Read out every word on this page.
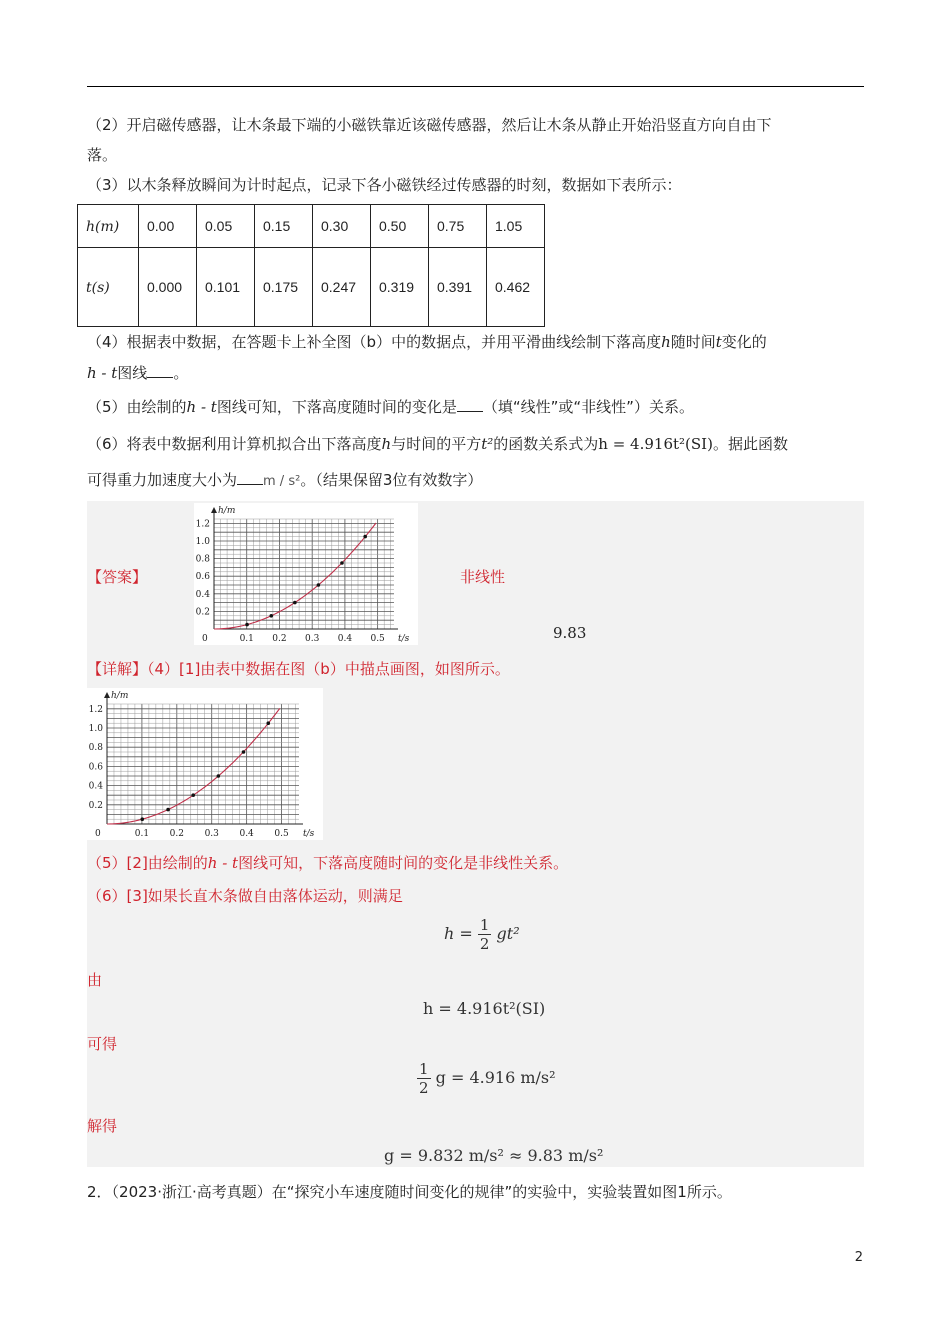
（2）开启磁传感器，让木条最下端的小磁铁靠近该磁传感器，然后让木条从静止开始沿竖直方向自由下
落。
（3）以木条释放瞬间为计时起点，记录下各小磁铁经过传感器的时刻，数据如下表所示：
h(m)	0.00	0.05	0.15	0.30	0.50	0.75	1.05
t(s)	0.000	0.101	0.175	0.247	0.319	0.391	0.462
（4）根据表中数据，在答题卡上补全图（b）中的数据点，并用平滑曲线绘制下落高度h随时间t变化的
h - t图线 。
（5）由绘制的h - t图线可知，下落高度随时间的变化是 （填“线性”或“非线性”）关系。
（6）将表中数据利用计算机拟合出下落高度h与时间的平方t²的函数关系式为h = 4.916t²(SI)。据此函数
可得重力加速度大小为 m / s²。（结果保留3位有效数字）
【答案】	非线性
9.83
0.1 0.2 0.3 0.4 0.5
0.2
0.4
0.6
0.8
1.0
1.2
0	t/s
h/m
【详解】（4）[1]由表中数据在图（b）中描点画图，如图所示。
0.1 0.2 0.3 0.4 0.5
0.2
0.4
0.6
0.8
1.0
1.2
0	t/s
h/m
（5）[2]由绘制的h - t图线可知，下落高度随时间的变化是非线性关系。
（6）[3]如果长直木条做自由落体运动，则满足
$h = \frac{1}{2} gt^2$
由
h = 4.916t²(SI)
可得
$\frac{1}{2}$ g = 4.916 m/s²
解得
g = 9.832 m/s² ≈ 9.83 m/s²
2．（2023·浙江·高考真题）在“探究小车速度随时间变化的规律”的实验中，实验装置如图1所示。
2
